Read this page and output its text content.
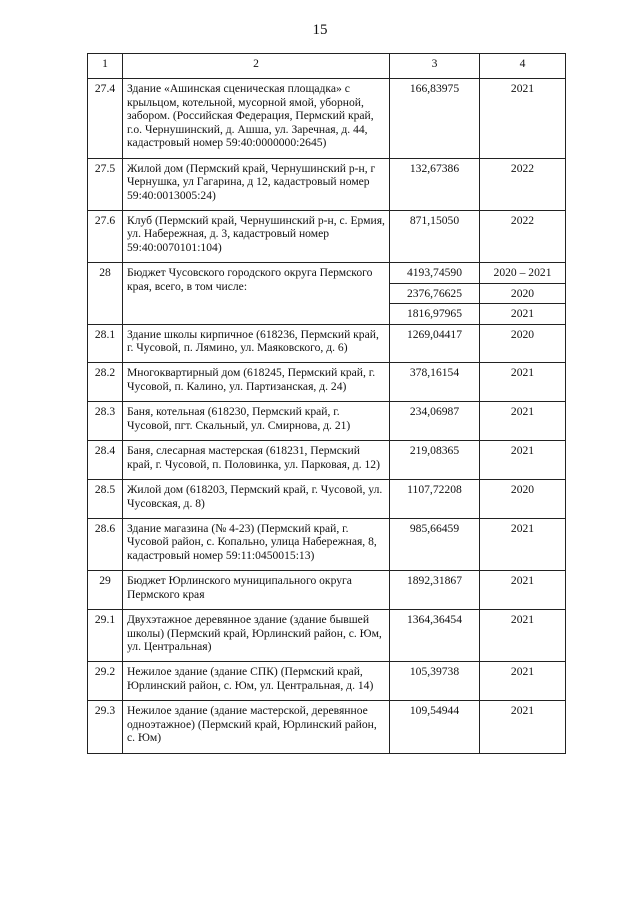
15
1	2	3	4
27.4	Здание «Ашинская сценическая площадка» с крыльцом, котельной, мусорной ямой, уборной, забором. (Российская Федерация, Пермский край, г.о. Чернушинский, д. Ашша, ул. Заречная, д. 44, кадастровый номер 59:40:0000000:2645)	166,83975	2021
27.5	Жилой дом (Пермский край, Чернушинский р-н, г Чернушка, ул Гагарина, д 12, кадастровый номер 59:40:0013005:24)	132,67386	2022
27.6	Клуб (Пермский край, Чернушинский р-н, с. Ермия, ул. Набережная, д. 3, кадастровый номер 59:40:0070101:104)	871,15050	2022
28	Бюджет Чусовского городского округа Пермского края, всего, в том числе:	4193,74590	2020 – 2021
		2376,76625	2020
		1816,97965	2021
28.1	Здание школы кирпичное (618236, Пермский край, г. Чусовой, п. Лямино, ул. Маяковского, д. 6)	1269,04417	2020
28.2	Многоквартирный дом (618245, Пермский край, г. Чусовой, п. Калино, ул. Партизанская, д. 24)	378,16154	2021
28.3	Баня, котельная (618230, Пермский край, г. Чусовой, пгт. Скальный, ул. Смирнова, д. 21)	234,06987	2021
28.4	Баня, слесарная мастерская (618231, Пермский край, г. Чусовой, п. Половинка, ул. Парковая, д. 12)	219,08365	2021
28.5	Жилой дом (618203, Пермский край, г. Чусовой, ул. Чусовская, д. 8)	1107,72208	2020
28.6	Здание магазина (№ 4-23) (Пермский край, г. Чусовой район, с. Копально, улица Набережная, 8, кадастровый номер 59:11:0450015:13)	985,66459	2021
29	Бюджет Юрлинского муниципального округа Пермского края	1892,31867	2021
29.1	Двухэтажное деревянное здание (здание бывшей школы) (Пермский край, Юрлинский район, с. Юм, ул. Центральная)	1364,36454	2021
29.2	Нежилое здание (здание СПК) (Пермский край, Юрлинский район, с. Юм, ул. Центральная, д. 14)	105,39738	2021
29.3	Нежилое здание (здание мастерской, деревянное одноэтажное) (Пермский край, Юрлинский район, с. Юм)	109,54944	2021
